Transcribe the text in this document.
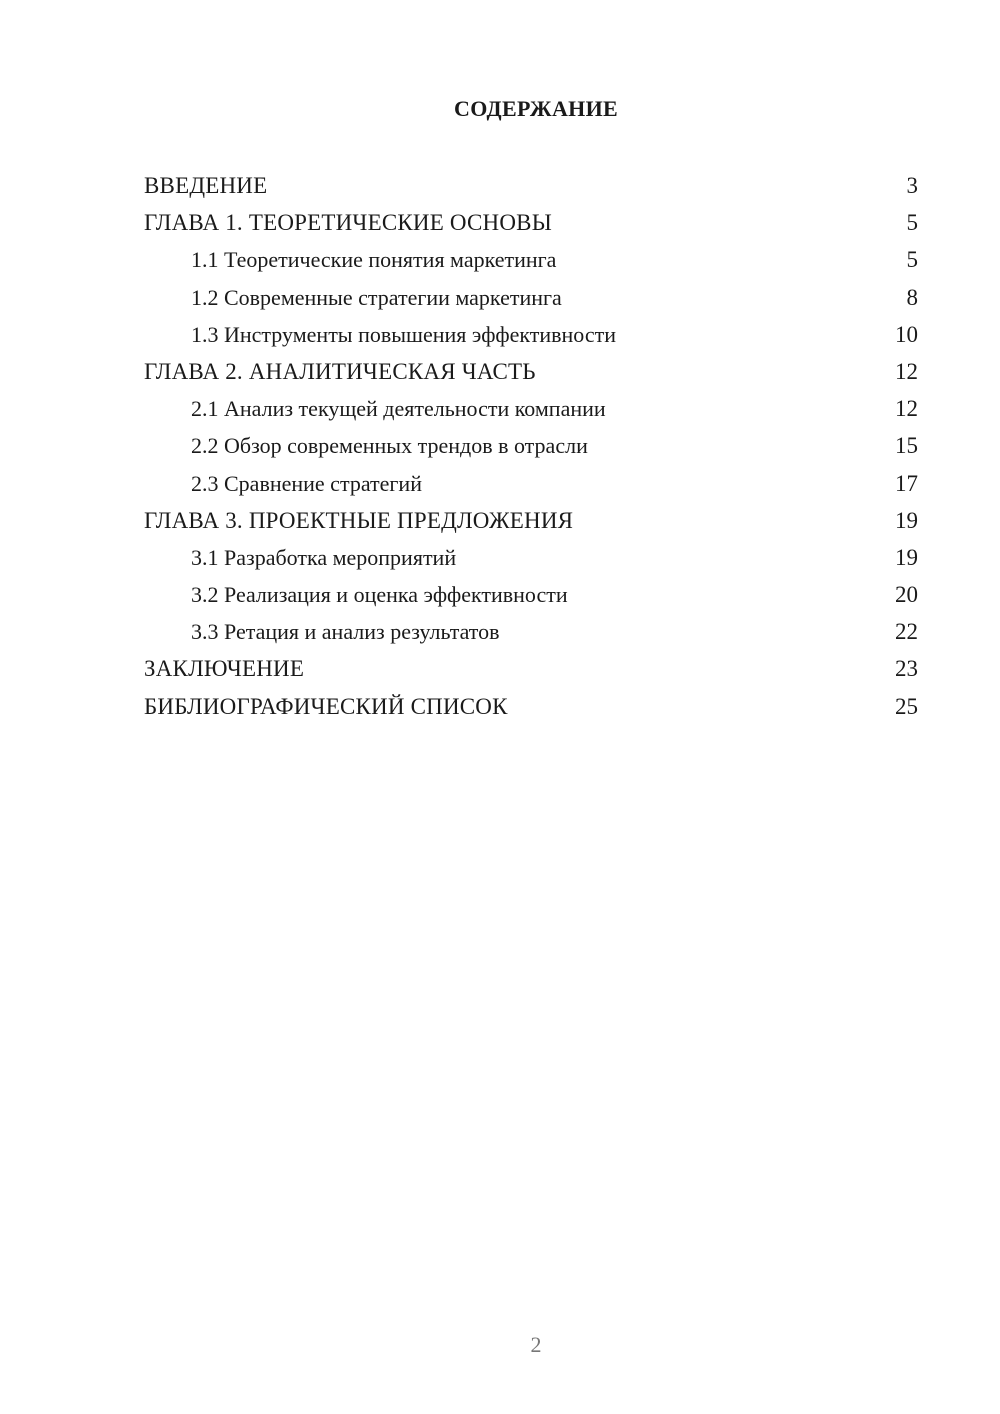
СОДЕРЖАНИЕ
ВВЕДЕНИЕ	3
ГЛАВА 1. ТЕОРЕТИЧЕСКИЕ ОСНОВЫ	5
1.1 Теоретические понятия маркетинга	5
1.2 Современные стратегии маркетинга	8
1.3 Инструменты повышения эффективности	10
ГЛАВА 2. АНАЛИТИЧЕСКАЯ ЧАСТЬ	12
2.1 Анализ текущей деятельности компании	12
2.2 Обзор современных трендов в отрасли	15
2.3 Сравнение стратегий	17
ГЛАВА 3. ПРОЕКТНЫЕ ПРЕДЛОЖЕНИЯ	19
3.1 Разработка мероприятий	19
3.2 Реализация и оценка эффективности	20
3.3 Ретация и анализ результатов	22
ЗАКЛЮЧЕНИЕ	23
БИБЛИОГРАФИЧЕСКИЙ СПИСОК	25
2
